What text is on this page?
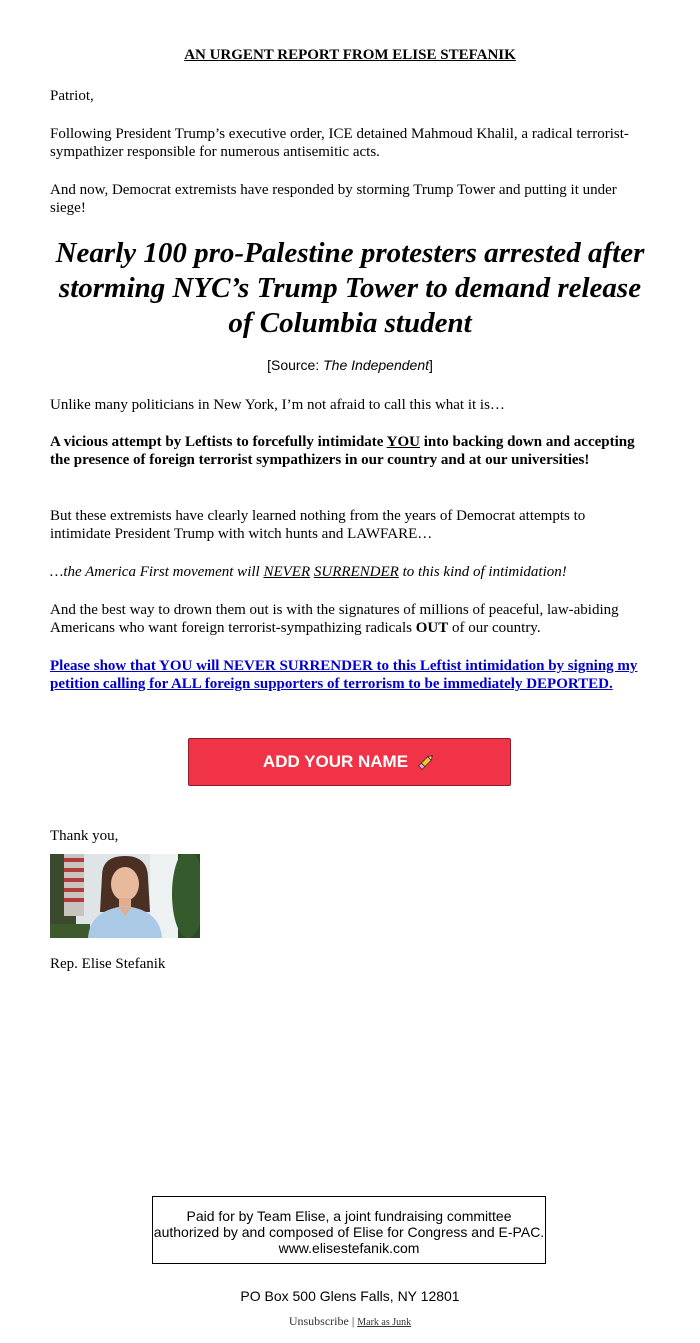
AN URGENT REPORT FROM ELISE STEFANIK

Patriot,

Following President Trump’s executive order, ICE detained Mahmoud Khalil, a radical terrorist-sympathizer responsible for numerous antisemitic acts.

And now, Democrat extremists have responded by storming Trump Tower and putting it under siege!

Nearly 100 pro-Palestine protesters arrested after storming NYC’s Trump Tower to demand release of Columbia student
[Source: The Independent]

Unlike many politicians in New York, I’m not afraid to call this what it is…

A vicious attempt by Leftists to forcefully intimidate YOU into backing down and accepting the presence of foreign terrorist sympathizers in our country and at our universities!

But these extremists have clearly learned nothing from the years of Democrat attempts to intimidate President Trump with witch hunts and LAWFARE…

…the America First movement will NEVER SURRENDER to this kind of intimidation!

And the best way to drown them out is with the signatures of millions of peaceful, law-abiding Americans who want foreign terrorist-sympathizing radicals OUT of our country.

Please show that YOU will NEVER SURRENDER to this Leftist intimidation by signing my petition calling for ALL foreign supporters of terrorism to be immediately DEPORTED.

ADD YOUR NAME

Thank you,

Rep. Elise Stefanik

Paid for by Team Elise, a joint fundraising committee authorized by and composed of Elise for Congress and E-PAC. www.elisestefanik.com
PO Box 500 Glens Falls, NY 12801
Unsubscribe | Mark as Junk
